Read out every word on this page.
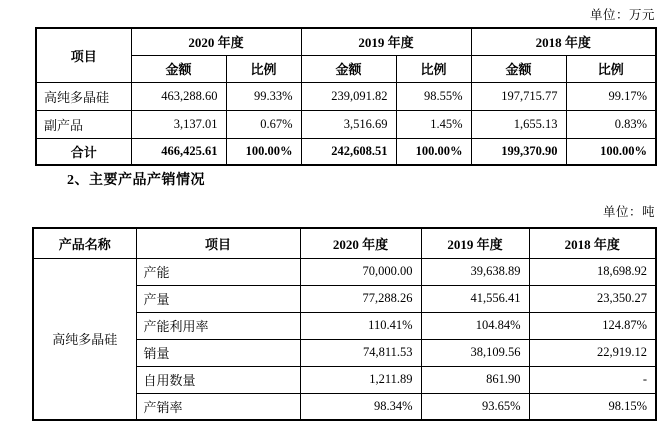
单位：万元
项目	2020 年度		2019 年度		2018 年度	
	金额	比例	金额	比例	金额	比例
高纯多晶硅	463,288.60	99.33%	239,091.82	98.55%	197,715.77	99.17%
副产品	3,137.01	0.67%	3,516.69	1.45%	1,655.13	0.83%
合计	466,425.61	100.00%	242,608.51	100.00%	199,370.90	100.00%
2、主要产品产销情况
单位：吨
产品名称	项目	2020 年度	2019 年度	2018 年度
高纯多晶硅	产能	70,000.00	39,638.89	18,698.92
	产量	77,288.26	41,556.41	23,350.27
	产能利用率	110.41%	104.84%	124.87%
	销量	74,811.53	38,109.56	22,919.12
	自用数量	1,211.89	861.90	-
	产销率	98.34%	93.65%	98.15%
